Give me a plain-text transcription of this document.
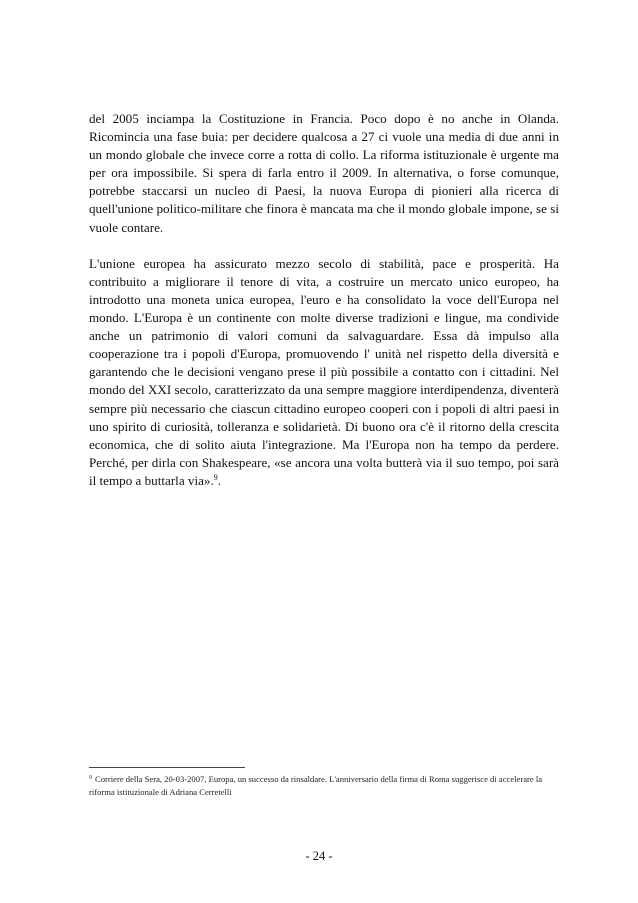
del 2005 inciampa la Costituzione in Francia. Poco dopo è no anche in Olanda. Ricomincia una fase buia: per decidere qualcosa a 27 ci vuole una media di due anni in un mondo globale che invece corre a rotta di collo. La riforma istituzionale è urgente ma per ora impossibile. Si spera di farla entro il 2009. In alternativa, o forse comunque, potrebbe staccarsi un nucleo di Paesi, la nuova Europa di pionieri alla ricerca di quell'unione politico-militare che finora è mancata ma che il mondo globale impone, se si vuole contare.

L'unione europea ha assicurato mezzo secolo di stabilità, pace e prosperità. Ha contribuito a migliorare il tenore di vita, a costruire un mercato unico europeo, ha introdotto una moneta unica europea, l'euro e ha consolidato la voce dell'Europa nel mondo. L'Europa è un continente con molte diverse tradizioni e lingue, ma condivide anche un patrimonio di valori comuni da salvaguardare. Essa dà impulso alla cooperazione tra i popoli d'Europa, promuovendo l' unità nel rispetto della diversità e garantendo che le decisioni vengano prese il più possibile a contatto con i cittadini. Nel mondo del XXI secolo, caratterizzato da una sempre maggiore interdipendenza, diventerà sempre più necessario che ciascun cittadino europeo cooperi con i popoli di altri paesi in uno spirito di curiosità, tolleranza e solidarietà. Di buono ora c'è il ritorno della crescita economica, che di solito aiuta l'integrazione. Ma l'Europa non ha tempo da perdere. Perché, per dirla con Shakespeare, «se ancora una volta butterà via il suo tempo, poi sarà il tempo a buttarla via».$^9$.

$^9$ Corriere della Sera, 20-03-2007, Europa, un successo da rinsaldare. L'anniversario della firma di Roma suggerisce di accelerare la riforma istituzionale di Adriana Cerretelli
- 24 -
